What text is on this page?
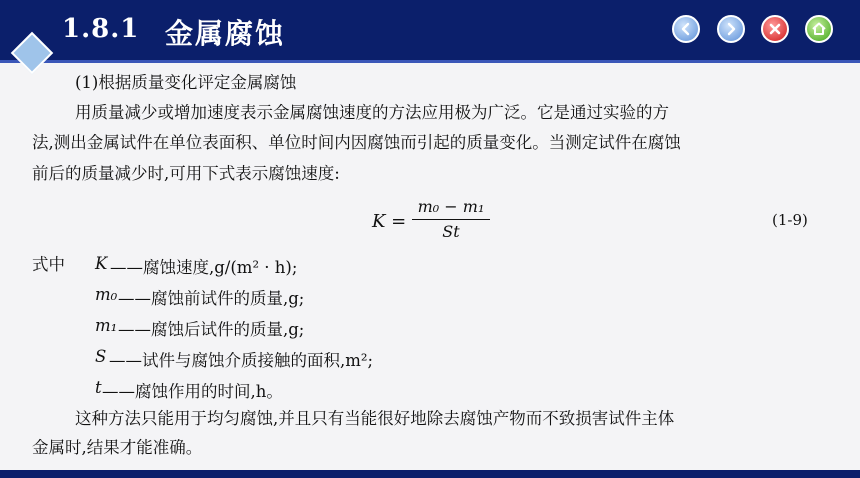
1.8.1 金属腐蚀
(1)根据质量变化评定金属腐蚀
用质量减少或增加速度表示金属腐蚀速度的方法应用极为广泛。它是通过实验的方
法,测出金属试件在单位表面积、单位时间内因腐蚀而引起的质量变化。当测定试件在腐蚀
前后的质量减少时,可用下式表示腐蚀速度:
K =
m₀ − m₁
St
(1-9)
式中 K ——腐蚀速度,g/(m² · h);
m₀ ——腐蚀前试件的质量,g;
m₁ ——腐蚀后试件的质量,g;
S ——试件与腐蚀介质接触的面积,m²;
t ——腐蚀作用的时间,h。
这种方法只能用于均匀腐蚀,并且只有当能很好地除去腐蚀产物而不致损害试件主体
金属时,结果才能准确。
